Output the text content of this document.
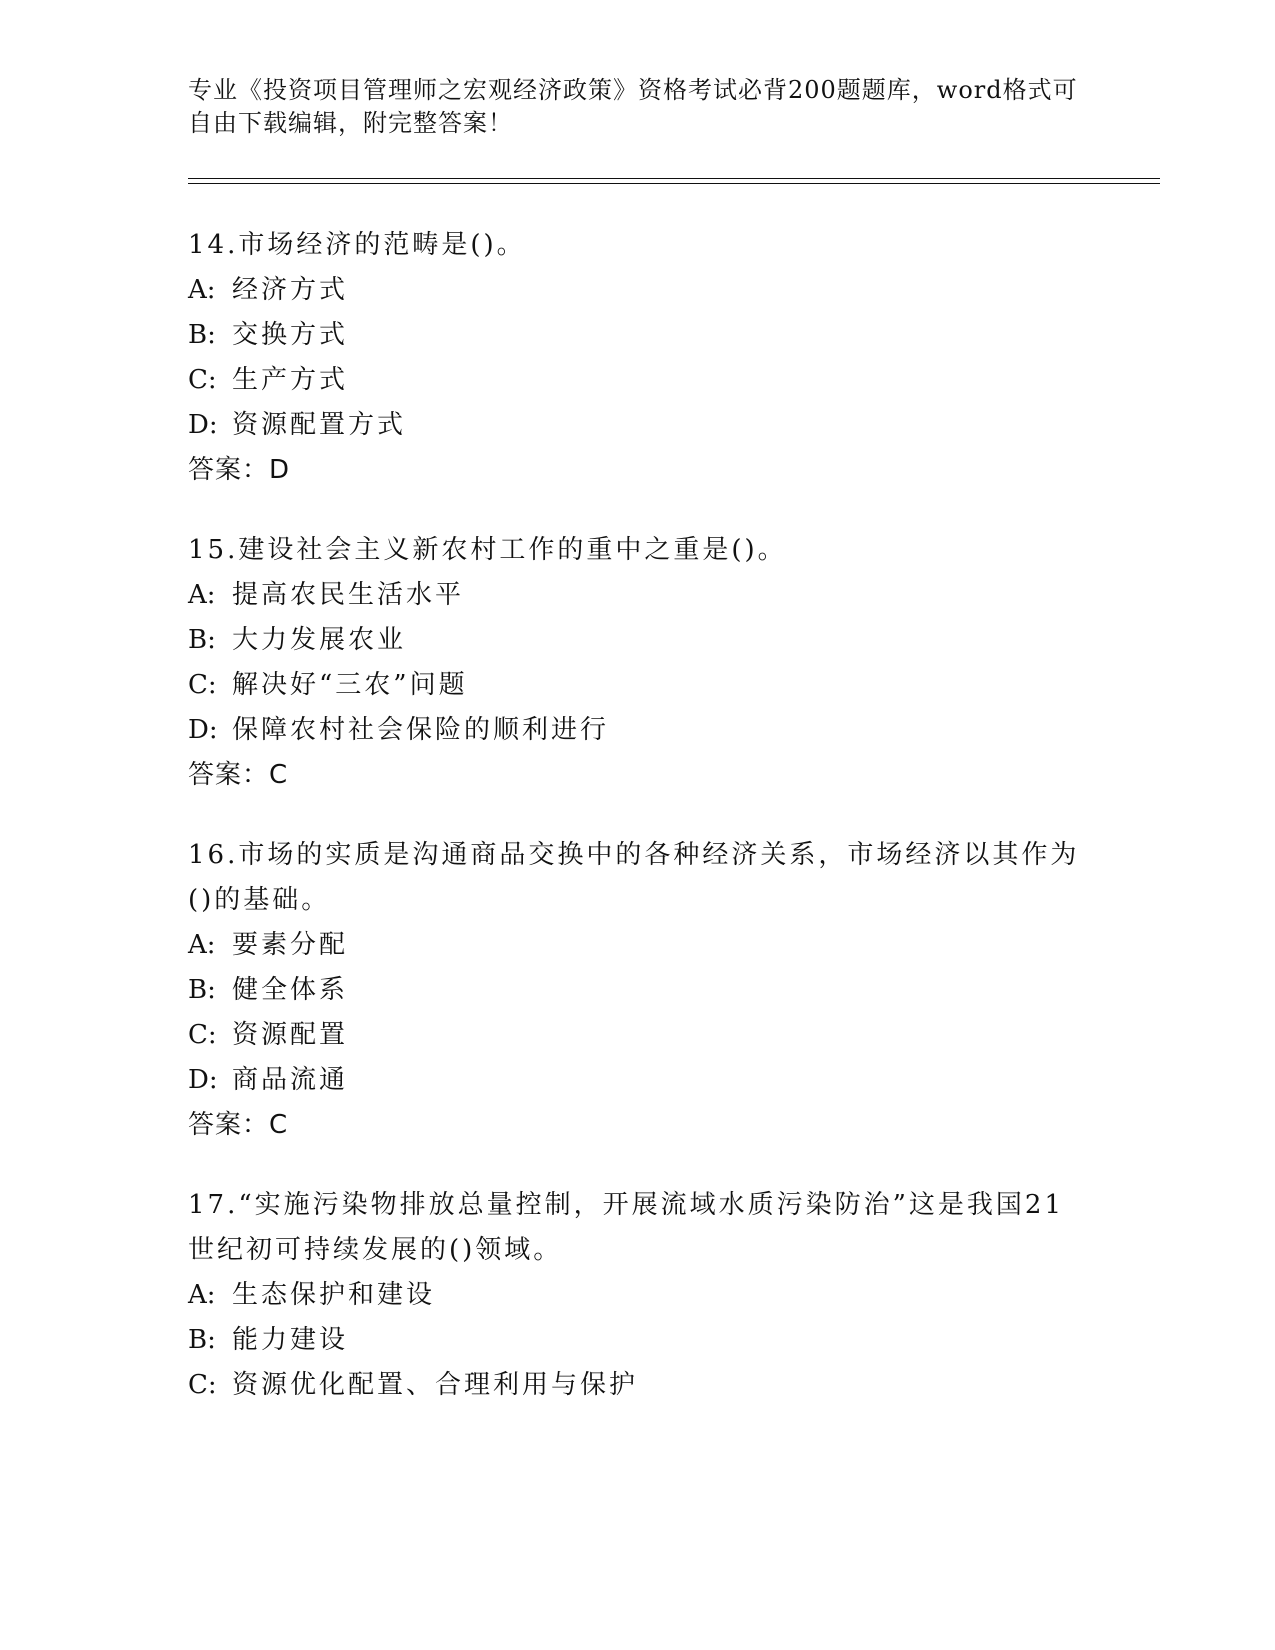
专业《投资项目管理师之宏观经济政策》资格考试必背200题题库，word格式可
自由下载编辑，附完整答案！
14.市场经济的范畴是()。
A: 经济方式
B: 交换方式
C: 生产方式
D: 资源配置方式
答案：D
15.建设社会主义新农村工作的重中之重是()。
A: 提高农民生活水平
B: 大力发展农业
C: 解决好“三农”问题
D: 保障农村社会保险的顺利进行
答案：C
16.市场的实质是沟通商品交换中的各种经济关系，市场经济以其作为
()的基础。
A: 要素分配
B: 健全体系
C: 资源配置
D: 商品流通
答案：C
17.“实施污染物排放总量控制，开展流域水质污染防治”这是我国21
世纪初可持续发展的()领域。
A: 生态保护和建设
B: 能力建设
C: 资源优化配置、合理利用与保护
